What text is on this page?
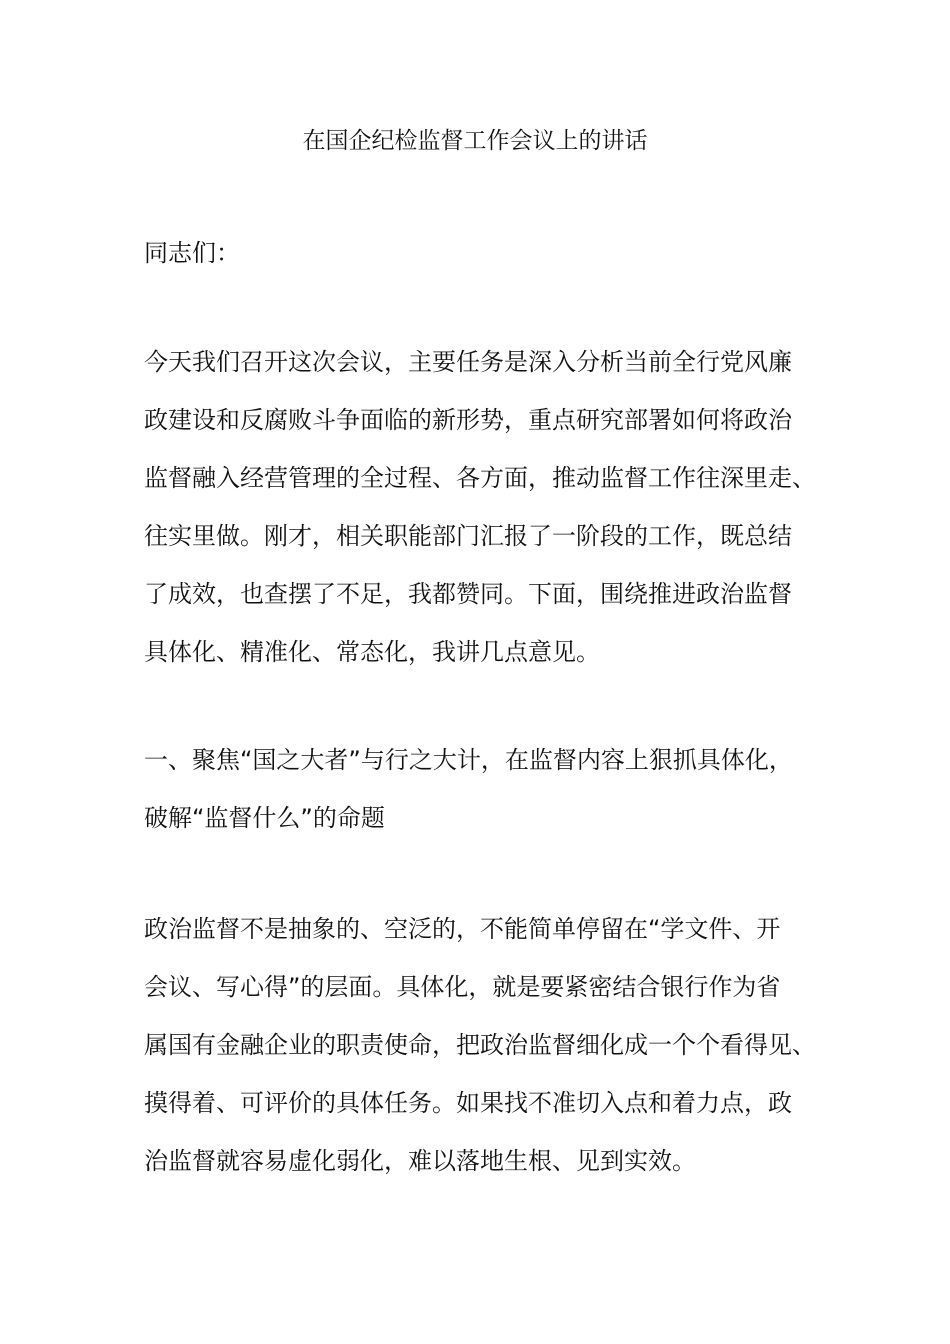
在国企纪检监督工作会议上的讲话

同志们：

今天我们召开这次会议，主要任务是深入分析当前全行党风廉

政建设和反腐败斗争面临的新形势，重点研究部署如何将政治

监督融入经营管理的全过程、各方面，推动监督工作往深里走、

往实里做。刚才，相关职能部门汇报了一阶段的工作，既总结

了成效，也查摆了不足，我都赞同。下面，围绕推进政治监督

具体化、精准化、常态化，我讲几点意见。

一、聚焦“国之大者”与行之大计，在监督内容上狠抓具体化，

破解“监督什么”的命题

政治监督不是抽象的、空泛的，不能简单停留在“学文件、开

会议、写心得”的层面。具体化，就是要紧密结合银行作为省

属国有金融企业的职责使命，把政治监督细化成一个个看得见、

摸得着、可评价的具体任务。如果找不准切入点和着力点，政

治监督就容易虚化弱化，难以落地生根、见到实效。
